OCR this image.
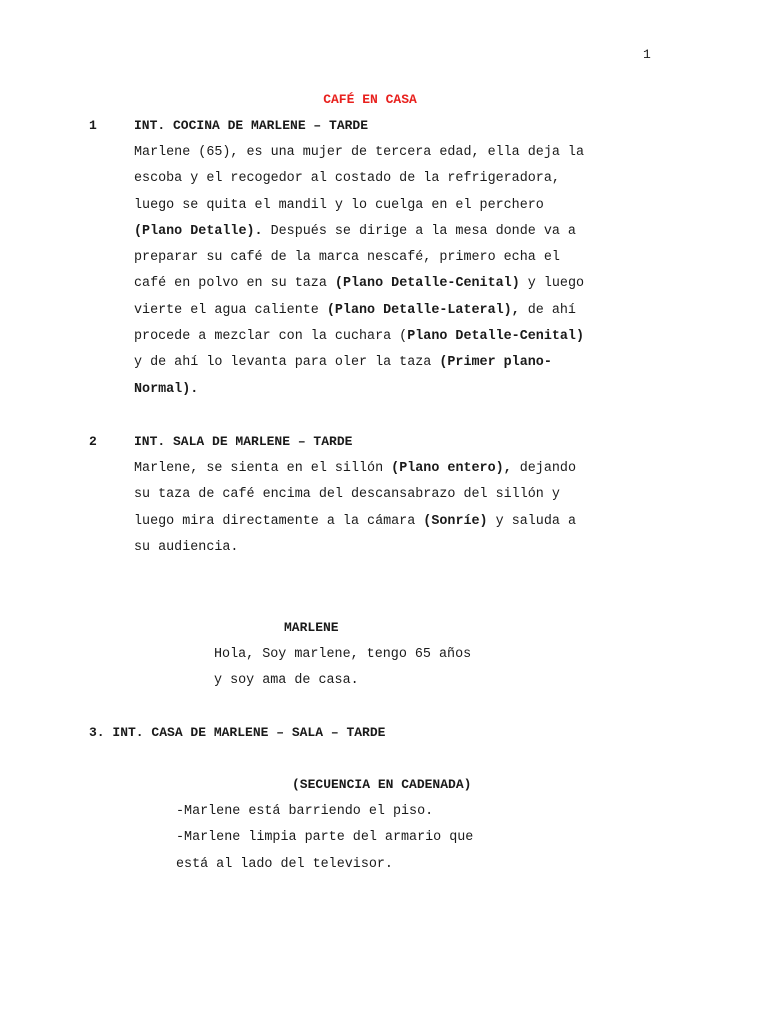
1
CAFÉ EN CASA
1	INT. COCINA DE MARLENE – TARDE
Marlene (65), es una mujer de tercera edad, ella deja la
escoba y el recogedor al costado de la refrigeradora,
luego se quita el mandil y lo cuelga en el perchero
(Plano Detalle). Después se dirige a la mesa donde va a
preparar su café de la marca nescafé, primero echa el
café en polvo en su taza (Plano Detalle-Cenital) y luego
vierte el agua caliente (Plano Detalle-Lateral), de ahí
procede a mezclar con la cuchara (Plano Detalle-Cenital)
y de ahí lo levanta para oler la taza (Primer plano-
Normal).
2	INT. SALA DE MARLENE – TARDE
Marlene, se sienta en el sillón (Plano entero), dejando
su taza de café encima del descansabrazo del sillón y
luego mira directamente a la cámara (Sonríe) y saluda a
su audiencia.
MARLENE
Hola, Soy marlene, tengo 65 años
y soy ama de casa.
3. INT. CASA DE MARLENE – SALA – TARDE
(SECUENCIA EN CADENADA)
-Marlene está barriendo el piso.
-Marlene limpia parte del armario que
está al lado del televisor.
